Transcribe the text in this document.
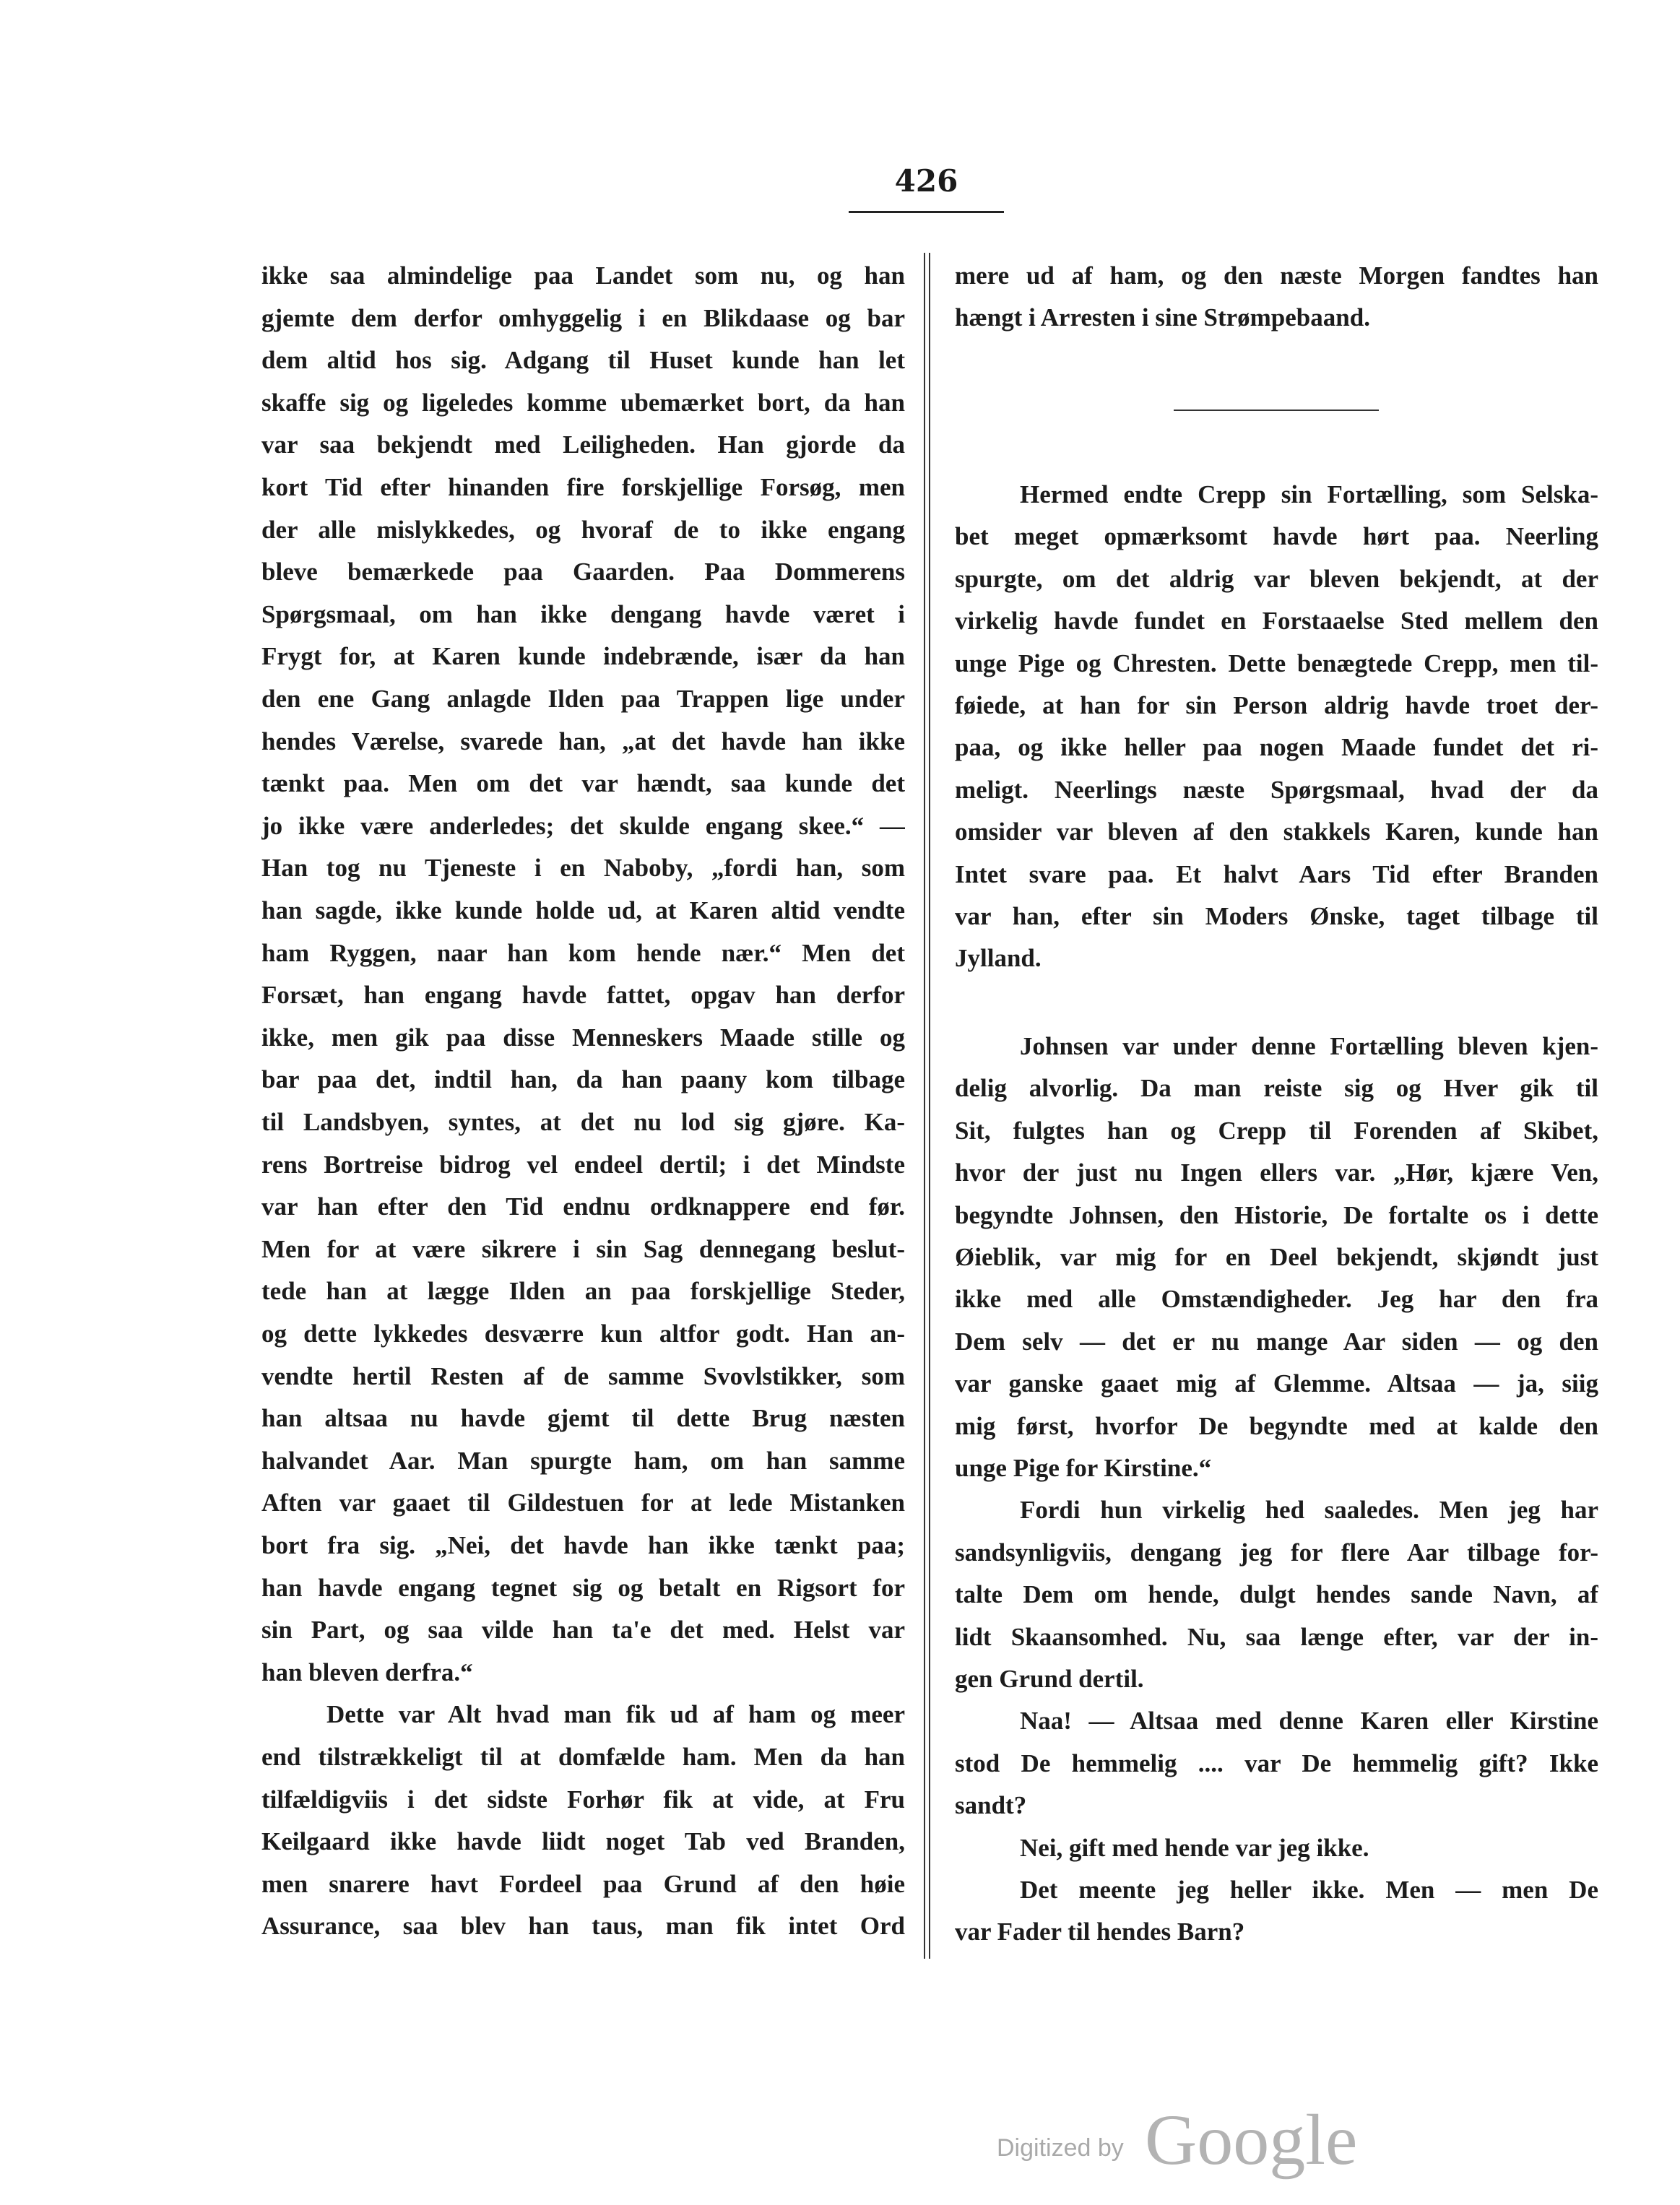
426
ikke saa almindelige paa Landet som nu, og han
gjemte dem derfor omhyggelig i en Blikdaase og bar
dem altid hos sig. Adgang til Huset kunde han let
skaffe sig og ligeledes komme ubemærket bort, da han
var saa bekjendt med Leiligheden. Han gjorde da
kort Tid efter hinanden fire forskjellige Forsøg, men
der alle mislykkedes, og hvoraf de to ikke engang
bleve bemærkede paa Gaarden. Paa Dommerens
Spørgsmaal, om han ikke dengang havde været i
Frygt for, at Karen kunde indebrænde, især da han
den ene Gang anlagde Ilden paa Trappen lige under
hendes Værelse, svarede han, „at det havde han ikke
tænkt paa. Men om det var hændt, saa kunde det
jo ikke være anderledes; det skulde engang skee.“ —
Han tog nu Tjeneste i en Naboby, „fordi han, som
han sagde, ikke kunde holde ud, at Karen altid vendte
ham Ryggen, naar han kom hende nær.“ Men det
Forsæt, han engang havde fattet, opgav han derfor
ikke, men gik paa disse Menneskers Maade stille og
bar paa det, indtil han, da han paany kom tilbage
til Landsbyen, syntes, at det nu lod sig gjøre. Ka-
rens Bortreise bidrog vel endeel dertil; i det Mindste
var han efter den Tid endnu ordknappere end før.
Men for at være sikrere i sin Sag dennegang beslut-
tede han at lægge Ilden an paa forskjellige Steder,
og dette lykkedes desværre kun altfor godt. Han an-
vendte hertil Resten af de samme Svovlstikker, som
han altsaa nu havde gjemt til dette Brug næsten
halvandet Aar. Man spurgte ham, om han samme
Aften var gaaet til Gildestuen for at lede Mistanken
bort fra sig. „Nei, det havde han ikke tænkt paa;
han havde engang tegnet sig og betalt en Rigsort for
sin Part, og saa vilde han ta'e det med. Helst var
han bleven derfra.“
Dette var Alt hvad man fik ud af ham og meer
end tilstrækkeligt til at domfælde ham. Men da han
tilfældigviis i det sidste Forhør fik at vide, at Fru
Keilgaard ikke havde liidt noget Tab ved Branden,
men snarere havt Fordeel paa Grund af den høie
Assurance, saa blev han taus, man fik intet Ord
mere ud af ham, og den næste Morgen fandtes han
hængt i Arresten i sine Strømpebaand.
Hermed endte Crepp sin Fortælling, som Selska-
bet meget opmærksomt havde hørt paa. Neerling
spurgte, om det aldrig var bleven bekjendt, at der
virkelig havde fundet en Forstaaelse Sted mellem den
unge Pige og Chresten. Dette benægtede Crepp, men til-
føiede, at han for sin Person aldrig havde troet der-
paa, og ikke heller paa nogen Maade fundet det ri-
meligt. Neerlings næste Spørgsmaal, hvad der da
omsider var bleven af den stakkels Karen, kunde han
Intet svare paa. Et halvt Aars Tid efter Branden
var han, efter sin Moders Ønske, taget tilbage til
Jylland.
Johnsen var under denne Fortælling bleven kjen-
delig alvorlig. Da man reiste sig og Hver gik til
Sit, fulgtes han og Crepp til Forenden af Skibet,
hvor der just nu Ingen ellers var. „Hør, kjære Ven,
begyndte Johnsen, den Historie, De fortalte os i dette
Øieblik, var mig for en Deel bekjendt, skjøndt just
ikke med alle Omstændigheder. Jeg har den fra
Dem selv — det er nu mange Aar siden — og den
var ganske gaaet mig af Glemme. Altsaa — ja, siig
mig først, hvorfor De begyndte med at kalde den
unge Pige for Kirstine.“
Fordi hun virkelig hed saaledes. Men jeg har
sandsynligviis, dengang jeg for flere Aar tilbage for-
talte Dem om hende, dulgt hendes sande Navn, af
lidt Skaansomhed. Nu, saa længe efter, var der in-
gen Grund dertil.
Naa! — Altsaa med denne Karen eller Kirstine
stod De hemmelig .... var De hemmelig gift? Ikke
sandt?
Nei, gift med hende var jeg ikke.
Det meente jeg heller ikke. Men — men De
var Fader til hendes Barn?
Digitized by Google
